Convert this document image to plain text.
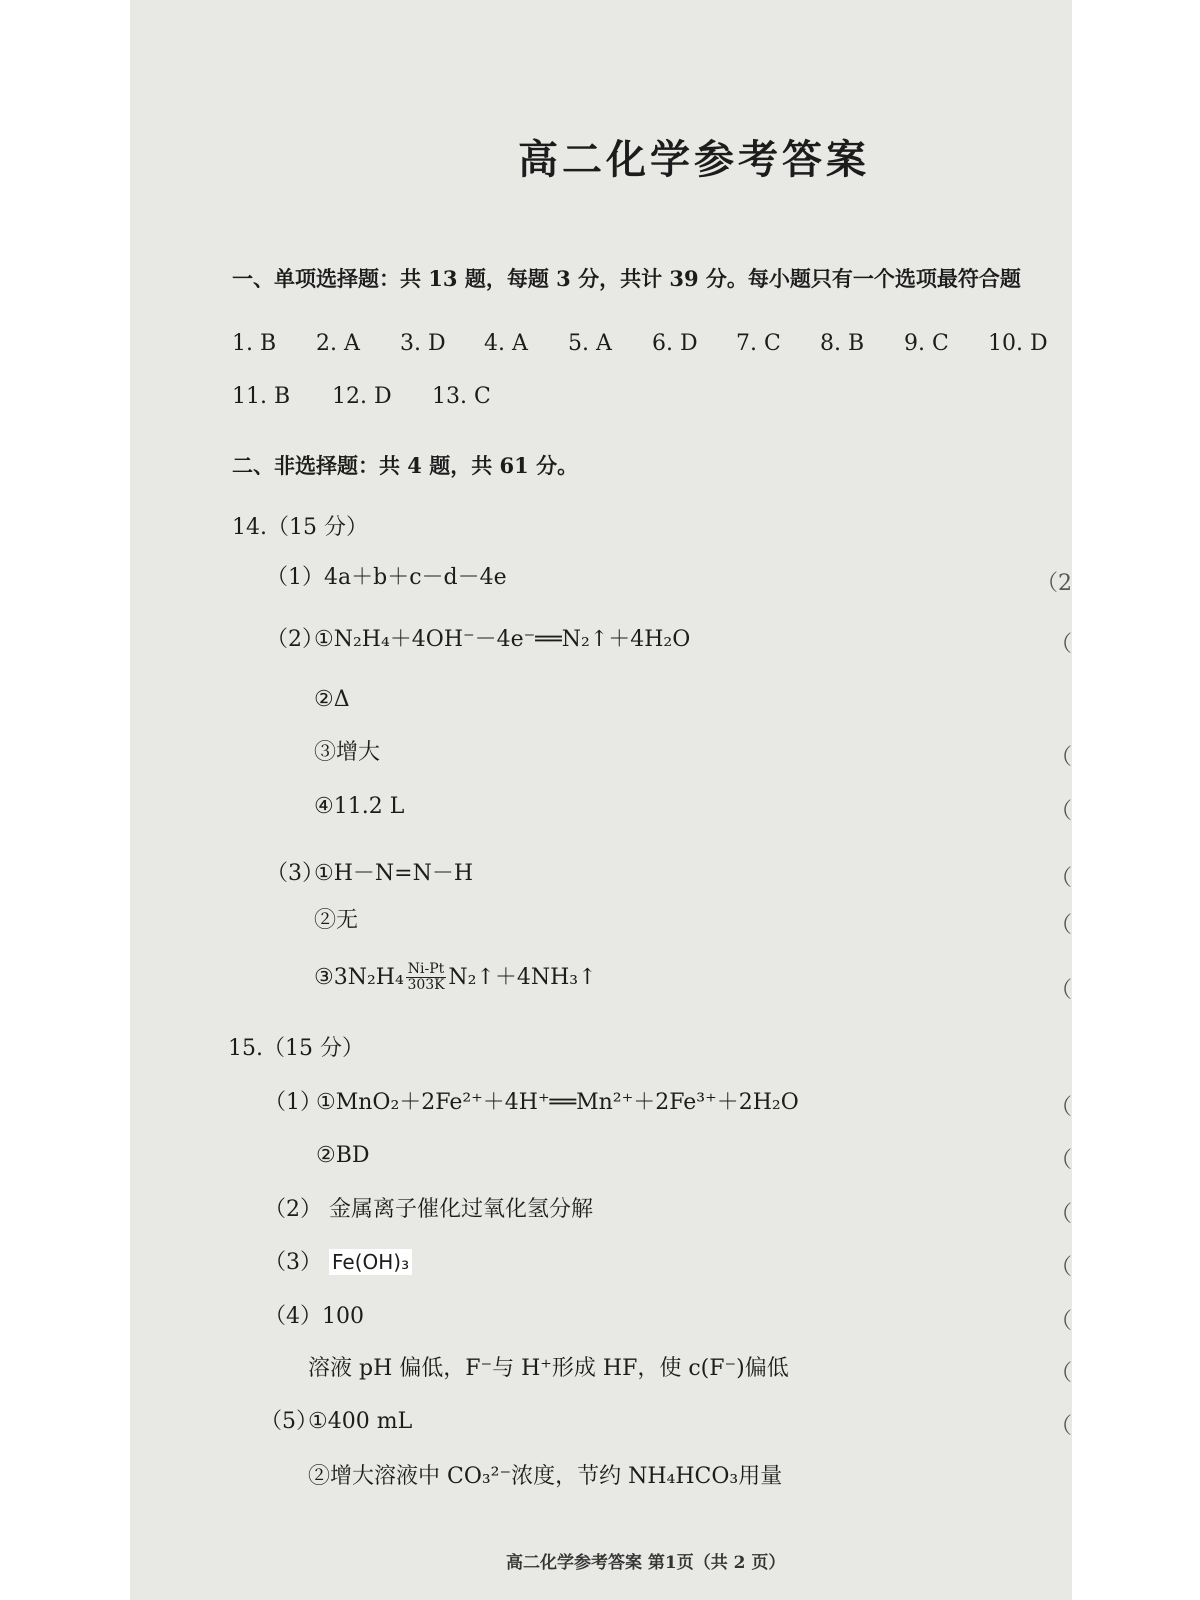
高二化学参考答案
一、单项选择题：共 13 题，每题 3 分，共计 39 分。每小题只有一个选项最符合题
1. B 2. A 3. D 4. A 5. A 6. D 7. C 8. B 9. C 10. D
11. B 12. D 13. C
二、非选择题：共 4 题，共 61 分。
14.（15 分）
（1）4a＋b＋c－d－4e
（2）
①N₂H₄＋4OH⁻－4e⁻══N₂↑＋4H₂O
②Δ
③增大
④11.2 L
（3）
①H－N=N－H
②无
③3N₂H₄ $\frac{Ni-Pt}{303K}$ N₂↑＋4NH₃↑
15.（15 分）
（1）
①MnO₂＋2Fe²⁺＋4H⁺══Mn²⁺＋2Fe³⁺＋2H₂O
②BD
（2） 金属离子催化过氧化氢分解
（3） Fe(OH)₃
（4）100
溶液 pH 偏低，F⁻与 H⁺形成 HF，使 c(F⁻)偏低
（5）
①400 mL
②增大溶液中 CO₃²⁻浓度，节约 NH₄HCO₃用量
（2
（
（
（
（
（
（
（
（
（
（
（
（
（
高二化学参考答案 第1页（共 2 页）
